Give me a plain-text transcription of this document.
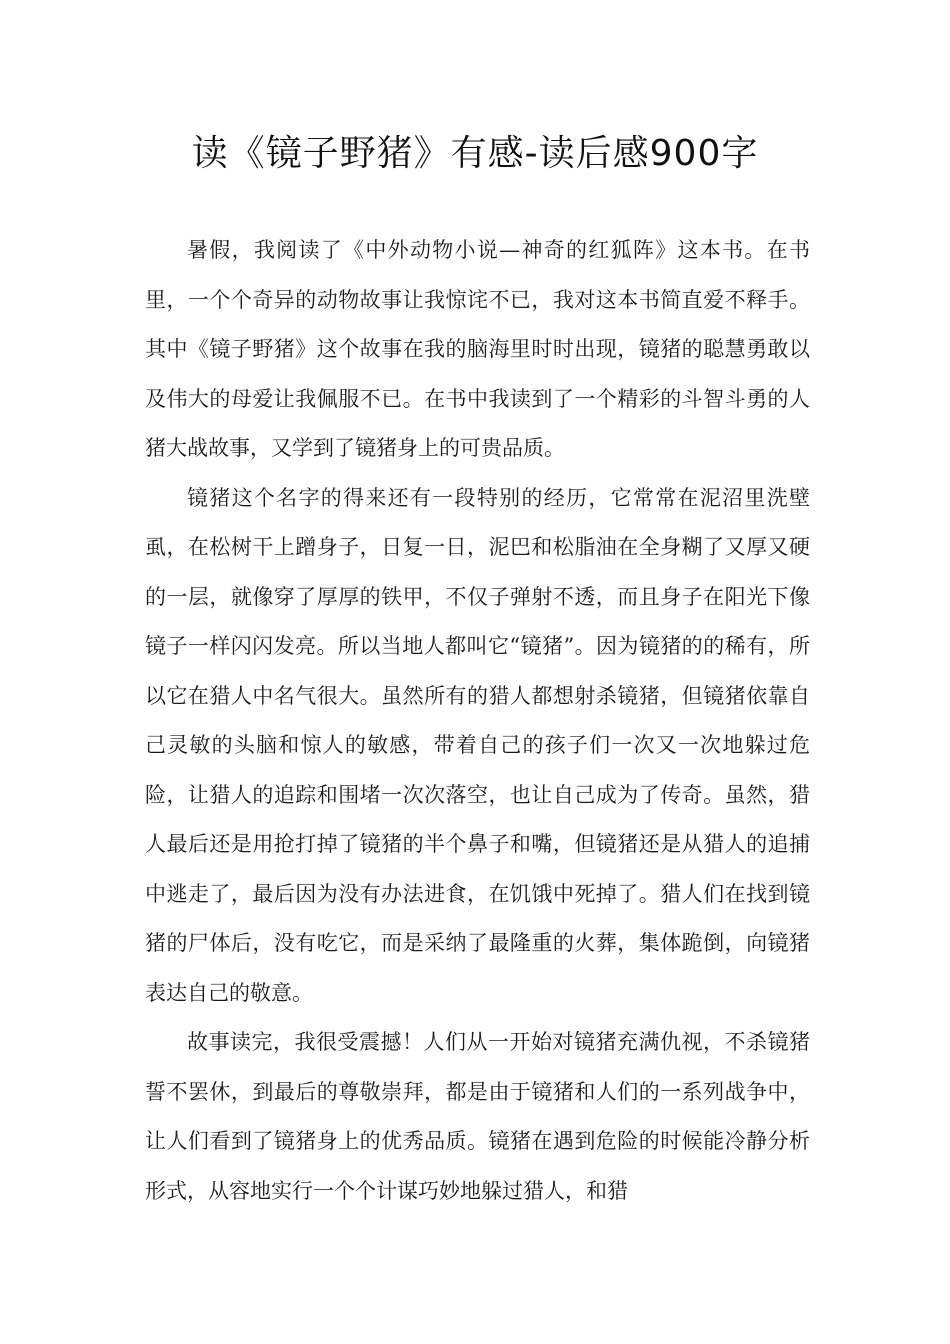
读《镜子野猪》有感-读后感900字

暑假，我阅读了《中外动物小说—神奇的红狐阵》这本书。在书里，一个个奇异的动物故事让我惊诧不已，我对这本书简直爱不释手。其中《镜子野猪》这个故事在我的脑海里时时出现，镜猪的聪慧勇敢以及伟大的母爱让我佩服不已。在书中我读到了一个精彩的斗智斗勇的人猪大战故事，又学到了镜猪身上的可贵品质。

镜猪这个名字的得来还有一段特别的经历，它常常在泥沼里洗壁虱，在松树干上蹭身子，日复一日，泥巴和松脂油在全身糊了又厚又硬的一层，就像穿了厚厚的铁甲，不仅子弹射不透，而且身子在阳光下像镜子一样闪闪发亮。所以当地人都叫它“镜猪”。因为镜猪的的稀有，所以它在猎人中名气很大。虽然所有的猎人都想射杀镜猪，但镜猪依靠自己灵敏的头脑和惊人的敏感，带着自己的孩子们一次又一次地躲过危险，让猎人的追踪和围堵一次次落空，也让自己成为了传奇。虽然，猎人最后还是用抢打掉了镜猪的半个鼻子和嘴，但镜猪还是从猎人的追捕中逃走了，最后因为没有办法进食，在饥饿中死掉了。猎人们在找到镜猪的尸体后，没有吃它，而是采纳了最隆重的火葬，集体跪倒，向镜猪表达自己的敬意。

故事读完，我很受震撼！人们从一开始对镜猪充满仇视，不杀镜猪誓不罢休，到最后的尊敬崇拜，都是由于镜猪和人们的一系列战争中，让人们看到了镜猪身上的优秀品质。镜猪在遇到危险的时候能冷静分析形式，从容地实行一个个计谋巧妙地躲过猎人，和猎
